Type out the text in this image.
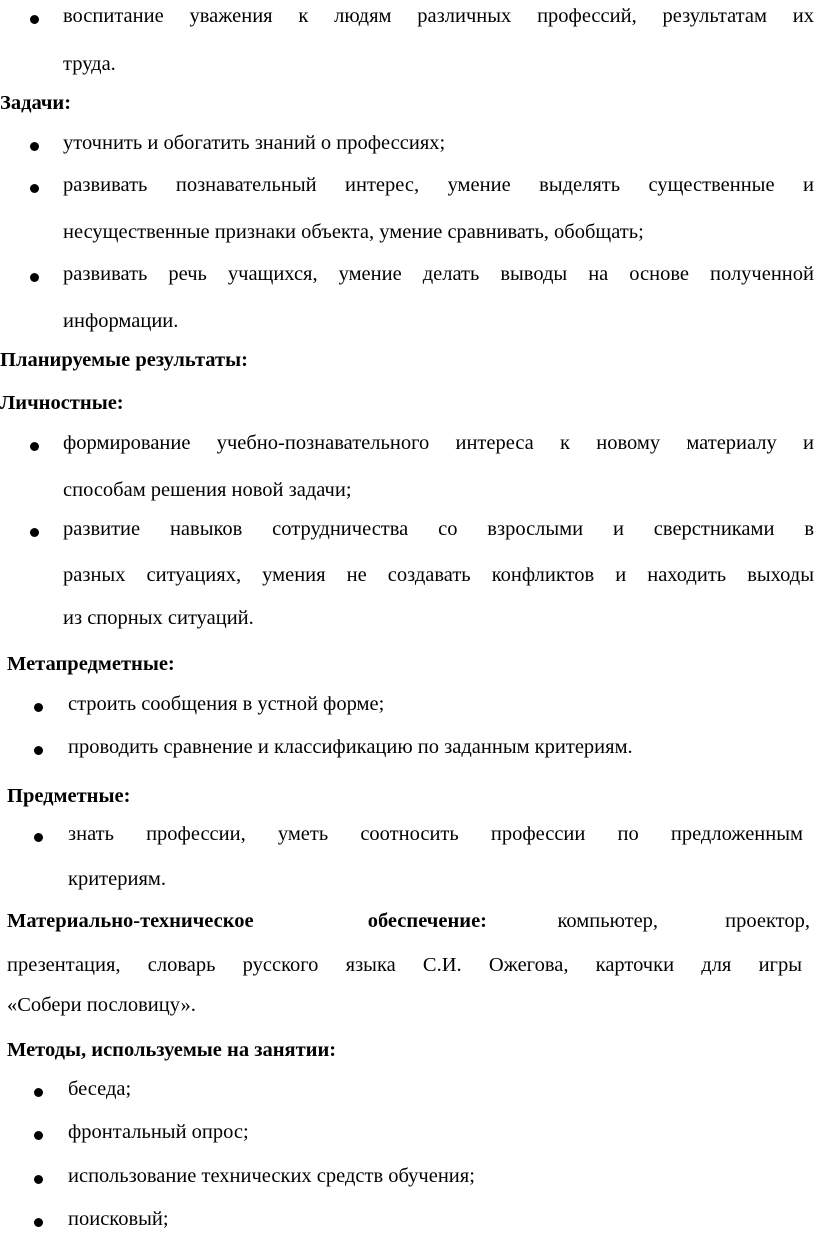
воспитание уважения к людям различных профессий, результатам их
труда.
Задачи:
уточнить и обогатить знаний о профессиях;
развивать познавательный интерес, умение выделять существенные и
несущественные признаки объекта, умение сравнивать, обобщать;
развивать речь учащихся, умение делать выводы на основе полученной
информации.
Планируемые результаты:
Личностные:
формирование учебно-познавательного интереса к новому материалу и
способам решения новой задачи;
развитие навыков сотрудничества со взрослыми и сверстниками в
разных ситуациях, умения не создавать конфликтов и находить выходы
из спорных ситуаций.
Метапредметные:
строить сообщения в устной форме;
проводить сравнение и классификацию по заданным критериям.
Предметные:
знать профессии, уметь соотносить профессии по предложенным
критериям.
Материально-техническое	обеспечение:	компьютер, проектор,
презентация, словарь русского языка С.И. Ожегова, карточки для игры
«Собери пословицу».
Методы, используемые на занятии:
беседа;
фронтальный опрос;
использование технических средств обучения;
поисковый;
